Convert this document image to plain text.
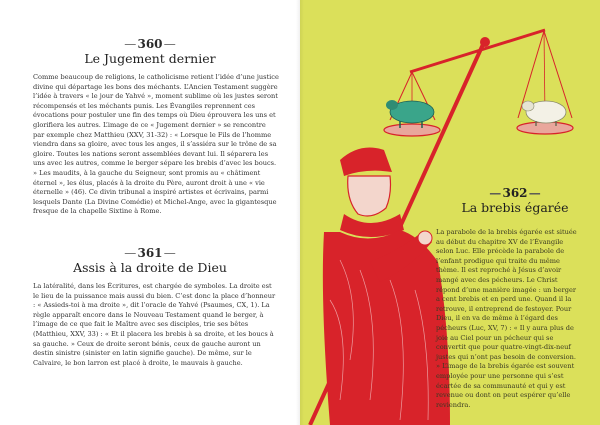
— 360 —
Le Jugement dernier

Comme beaucoup de religions, le catholicisme retient l’idée d’une justice divine qui départage les bons des méchants. L’Ancien Testament suggère l’idée à travers « le jour de Yahvé », moment sublime où les justes seront récompensés et les méchants punis. Les Évangiles reprennent ces évocations pour postuler une fin des temps où Dieu éprouvera les uns et glorifiera les autres. L’image de ce « Jugement dernier » se rencontre par exemple chez Matthieu (XXV, 31-32) : « Lorsque le Fils de l’homme viendra dans sa gloire, avec tous les anges, il s’assiéra sur le trône de sa gloire. Toutes les nations seront assemblées devant lui. Il séparera les uns avec les autres, comme le berger sépare les brebis d’avec les boucs. » Les maudits, à la gauche du Seigneur, sont promis au « châtiment éternel », les élus, placés à la droite du Père, auront droit à une « vie éternelle » (46). Ce divin tribunal a inspiré artistes et écrivains, parmi lesquels Dante (La Divine Comédie) et Michel-Ange, avec la gigantesque fresque de la chapelle Sixtine à Rome.

— 361 —
Assis à la droite de Dieu

La latéralité, dans les Écritures, est chargée de symboles. La droite est le lieu de la puissance mais aussi du bien. C’est donc la place d’honneur : « Assieds-toi à ma droite », dit l’oracle de Yahvé (Psaumes, CX, 1). La règle apparaît encore dans le Nouveau Testament quand le berger, à l’image de ce que fait le Maître avec ses disciples, trie ses bêtes (Matthieu, XXV, 33) : « Et il placera les brebis à sa droite, et les boucs à sa gauche. » Ceux de droite seront bénis, ceux de gauche auront un destin sinistre (sinister en latin signifie gauche). De même, sur le Calvaire, le bon larron est placé à droite, le mauvais à gauche.

— 362 —
La brebis égarée

La parabole de la brebis égarée est située au début du chapitre XV de l’Évangile selon Luc. Elle précède la parabole de l’enfant prodigue qui traite du même thème. Il est reproché à Jésus d’avoir mangé avec des pécheurs. Le Christ répond d’une manière imagée : un berger a cent brebis et en perd une. Quand il la retrouve, il entreprend de festoyer. Pour Dieu, il en va de même à l’égard des pécheurs (Luc, XV, 7) : « Il y aura plus de joie au Ciel pour un pécheur qui se convertit que pour quatre-vingt-dix-neuf justes qui n’ont pas besoin de conversion. » L’image de la brebis égarée est souvent employée pour une personne qui s’est écartée de sa communauté et qui y est revenue ou dont on peut espérer qu’elle reviendra.
